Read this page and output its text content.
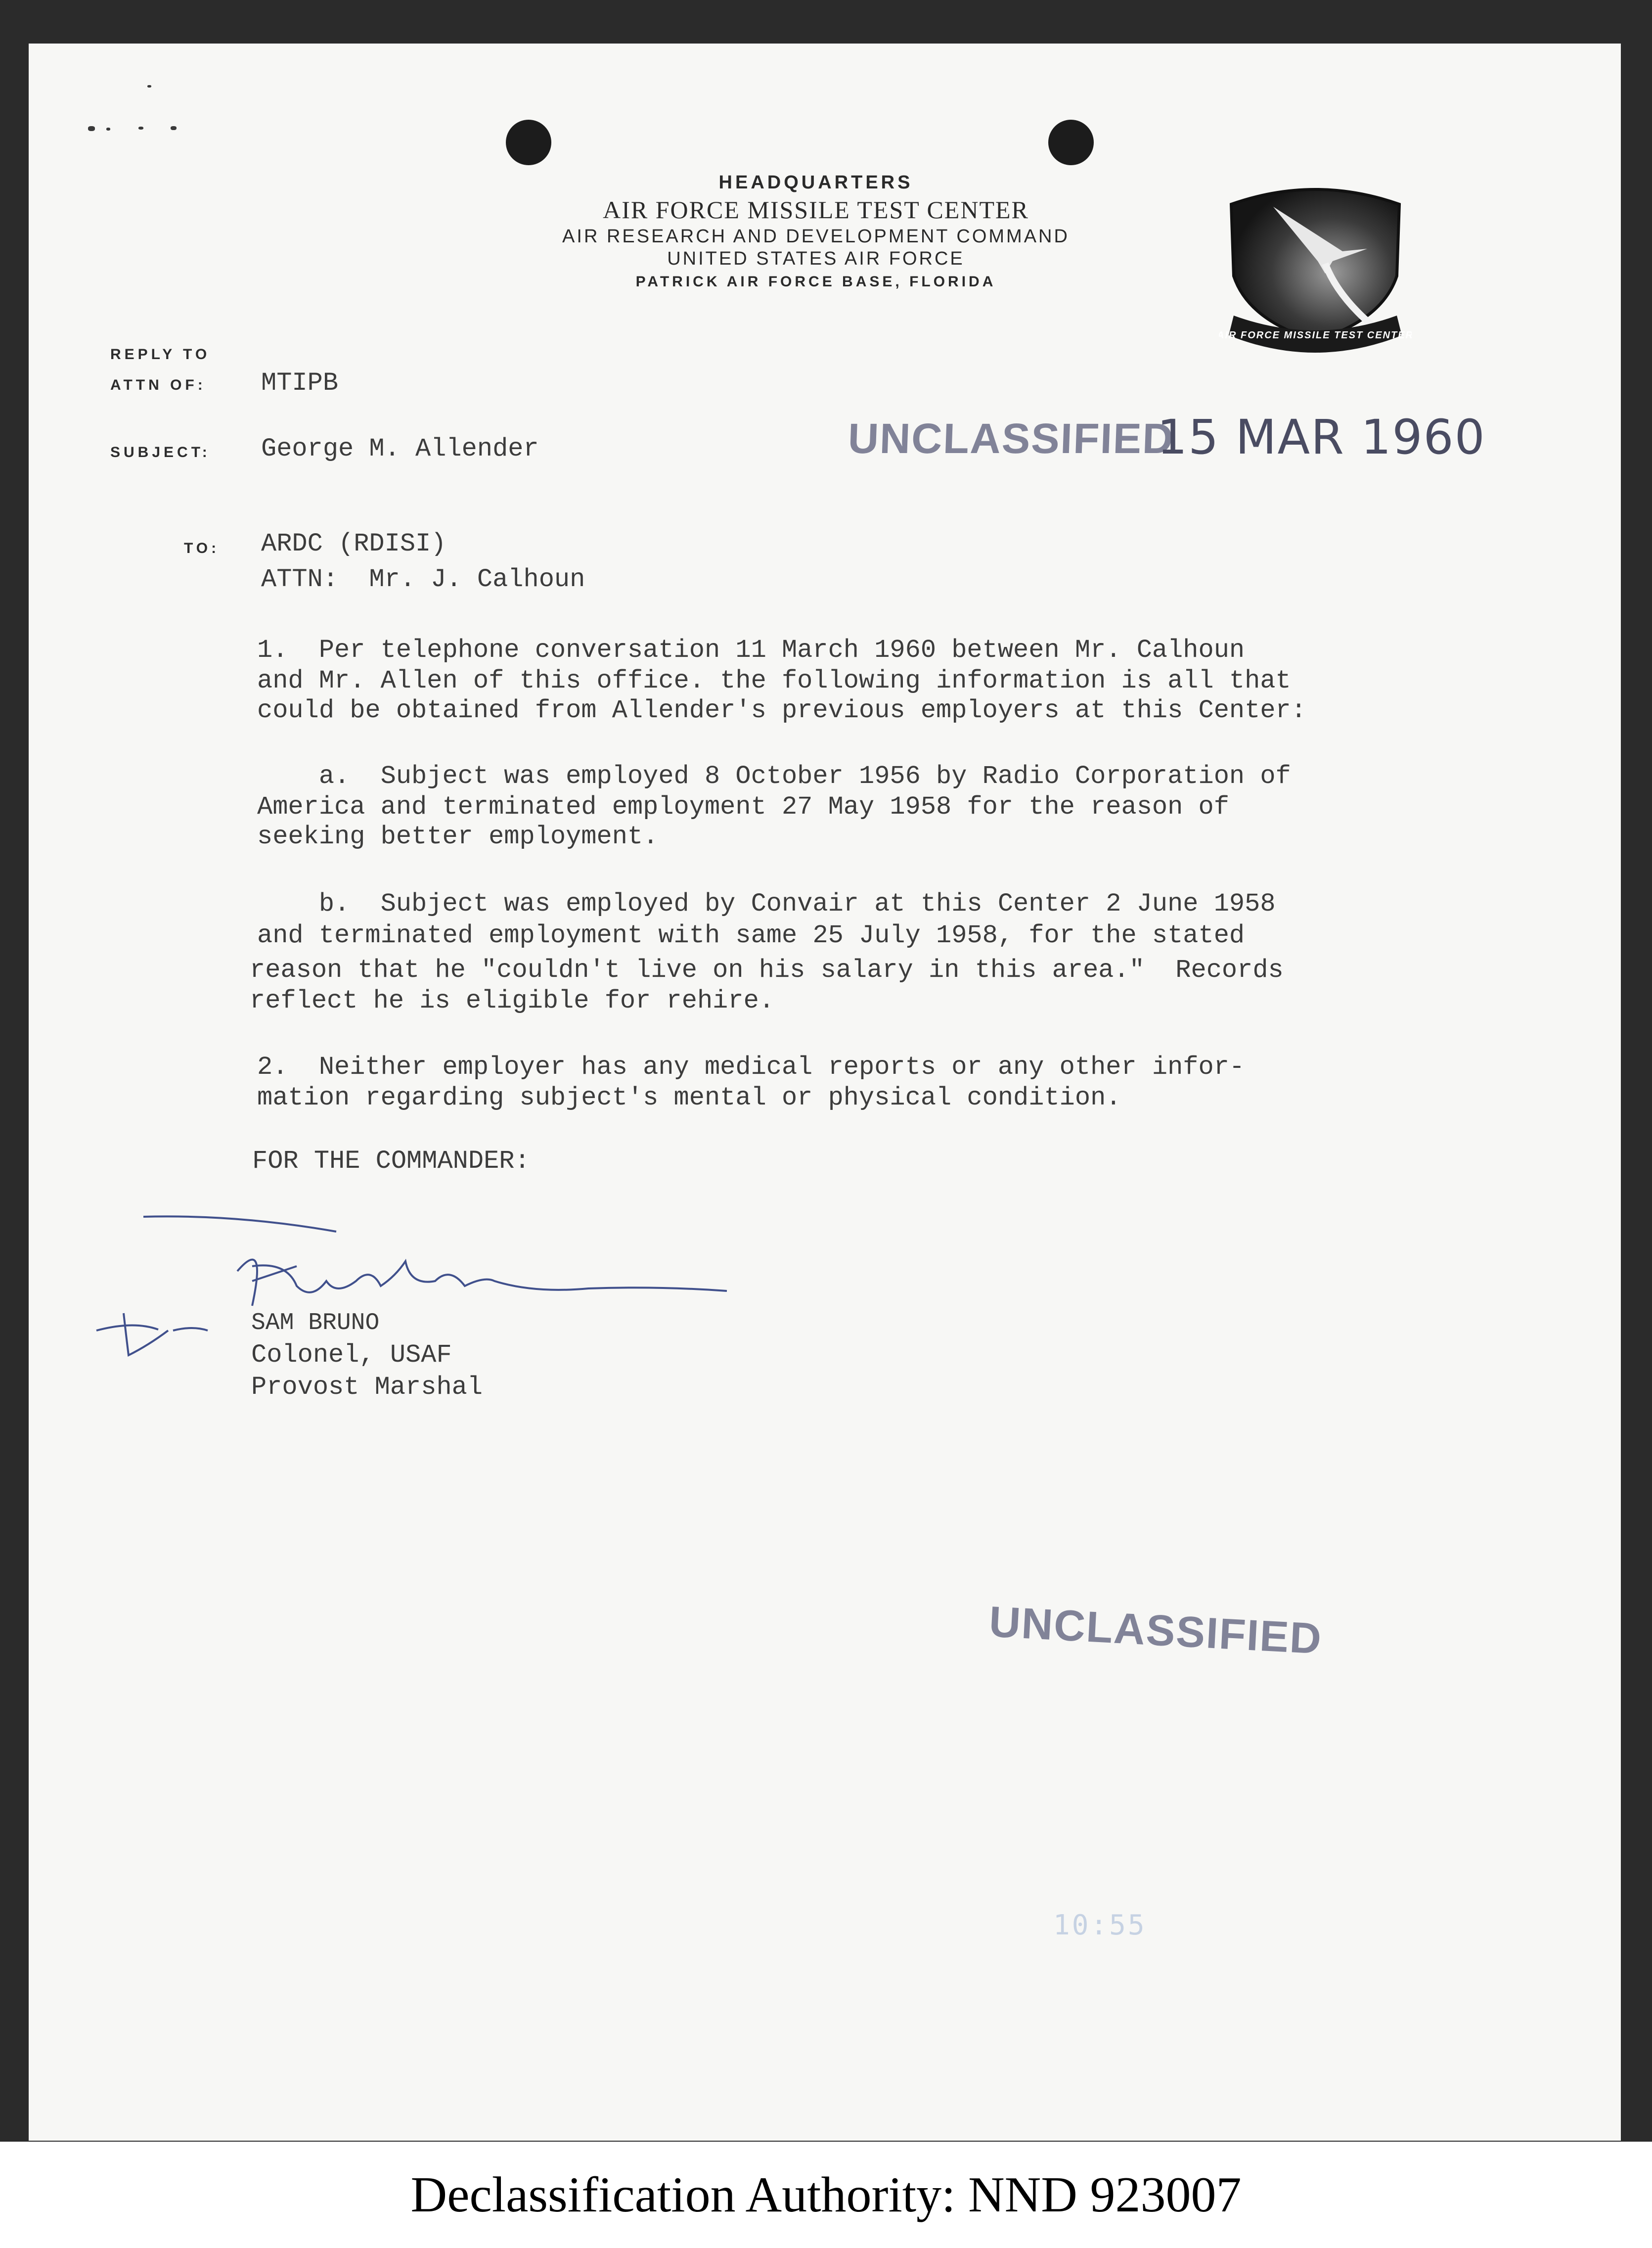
HEADQUARTERS
AIR FORCE MISSILE TEST CENTER
AIR RESEARCH AND DEVELOPMENT COMMAND
UNITED STATES AIR FORCE
PATRICK AIR FORCE BASE, FLORIDA
AIR FORCE MISSILE TEST CENTER
REPLY TO
ATTN OF: MTIPB
SUBJECT: George M. Allender	UNCLASSIFIED
15 MAR 1960
TO: ARDC (RDISI)
ATTN:  Mr. J. Calhoun
1.  Per telephone conversation 11 March 1960 between Mr. Calhoun
and Mr. Allen of this office. the following information is all that
could be obtained from Allender's previous employers at this Center:
a.  Subject was employed 8 October 1956 by Radio Corporation of
America and terminated employment 27 May 1958 for the reason of
seeking better employment.
b.  Subject was employed by Convair at this Center 2 June 1958
and terminated employment with same 25 July 1958, for the stated
reason that he "couldn't live on his salary in this area."  Records
reflect he is eligible for rehire.
2.  Neither employer has any medical reports or any other infor-
mation regarding subject's mental or physical condition.
FOR THE COMMANDER:
SAM BRUNO
Colonel, USAF
Provost Marshal
UNCLASSIFIED
10:55
Declassification Authority: NND 923007
